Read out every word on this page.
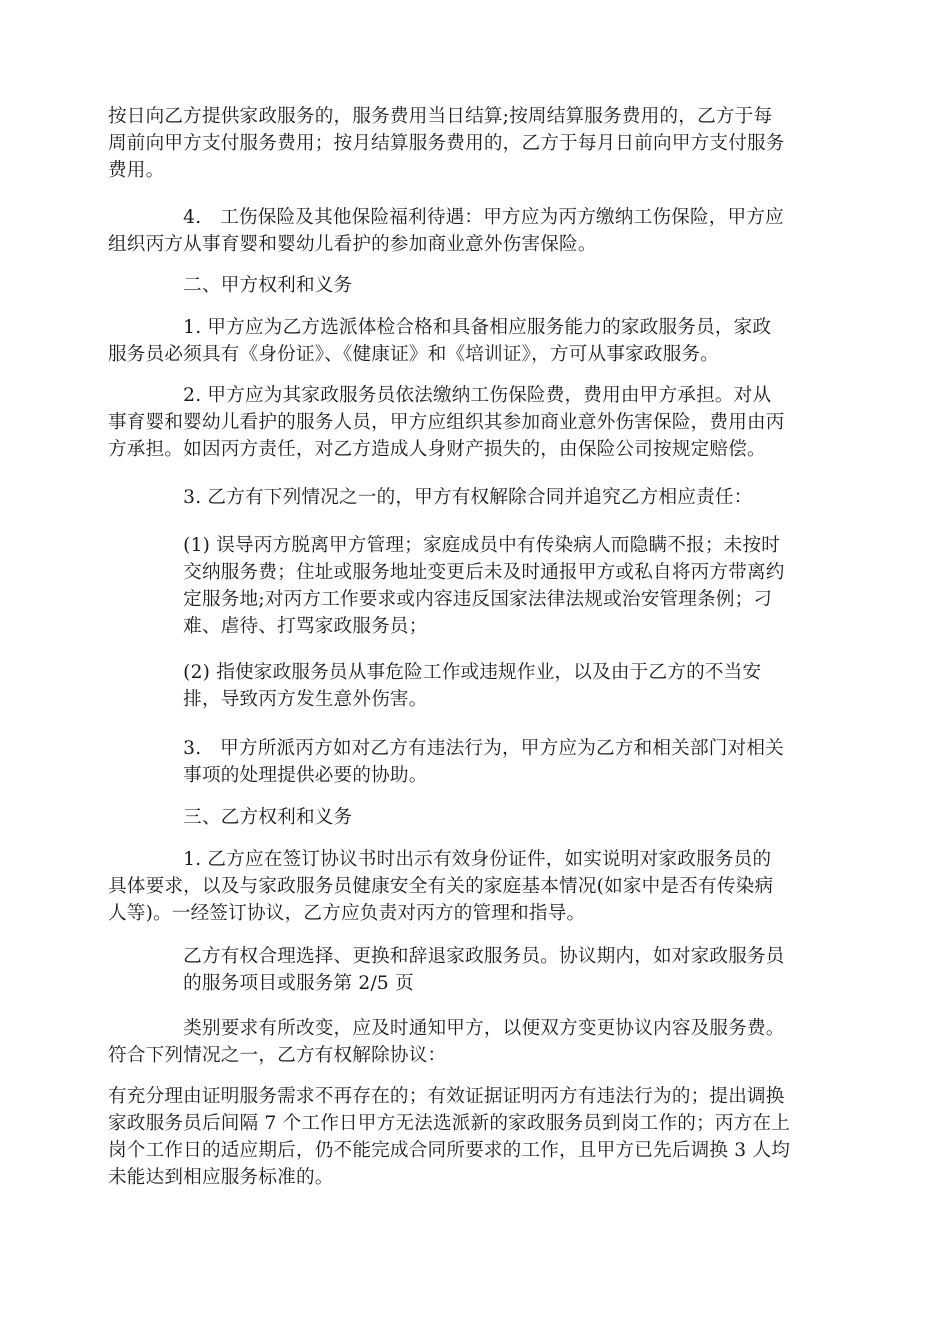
按日向乙方提供家政服务的，服务费用当日结算;按周结算服务费用的，乙方于每
周前向甲方支付服务费用；按月结算服务费用的，乙方于每月日前向甲方支付服务
费用。
　　　　4.　工伤保险及其他保险福利待遇：甲方应为丙方缴纳工伤保险，甲方应
组织丙方从事育婴和婴幼儿看护的参加商业意外伤害保险。
　　　　二、甲方权利和义务
　　　　1. 甲方应为乙方选派体检合格和具备相应服务能力的家政服务员，家政
服务员必须具有《身份证》、《健康证》和《培训证》，方可从事家政服务。
　　　　2. 甲方应为其家政服务员依法缴纳工伤保险费，费用由甲方承担。对从
事育婴和婴幼儿看护的服务人员，甲方应组织其参加商业意外伤害保险，费用由丙
方承担。如因丙方责任，对乙方造成人身财产损失的，由保险公司按规定赔偿。
　　　　3. 乙方有下列情况之一的，甲方有权解除合同并追究乙方相应责任：
　　　　(1) 误导丙方脱离甲方管理；家庭成员中有传染病人而隐瞒不报；未按时
　　　　交纳服务费；住址或服务地址变更后未及时通报甲方或私自将丙方带离约
　　　　定服务地;对丙方工作要求或内容违反国家法律法规或治安管理条例；刁
　　　　难、虐待、打骂家政服务员；
　　　　(2) 指使家政服务员从事危险工作或违规作业，以及由于乙方的不当安
　　　　排，导致丙方发生意外伤害。
　　　　3.　甲方所派丙方如对乙方有违法行为，甲方应为乙方和相关部门对相关
　　　　事项的处理提供必要的协助。
　　　　三、乙方权利和义务
　　　　1. 乙方应在签订协议书时出示有效身份证件，如实说明对家政服务员的
具体要求，以及与家政服务员健康安全有关的家庭基本情况(如家中是否有传染病
人等)。一经签订协议，乙方应负责对丙方的管理和指导。
　　　　乙方有权合理选择、更换和辞退家政服务员。协议期内，如对家政服务员
　　　　的服务项目或服务第 2/5 页
　　　　类别要求有所改变，应及时通知甲方，以便双方变更协议内容及服务费。
符合下列情况之一，乙方有权解除协议：
有充分理由证明服务需求不再存在的；有效证据证明丙方有违法行为的；提出调换
家政服务员后间隔 7 个工作日甲方无法选派新的家政服务员到岗工作的；丙方在上
岗个工作日的适应期后，仍不能完成合同所要求的工作，且甲方已先后调换 3 人均
未能达到相应服务标准的。
